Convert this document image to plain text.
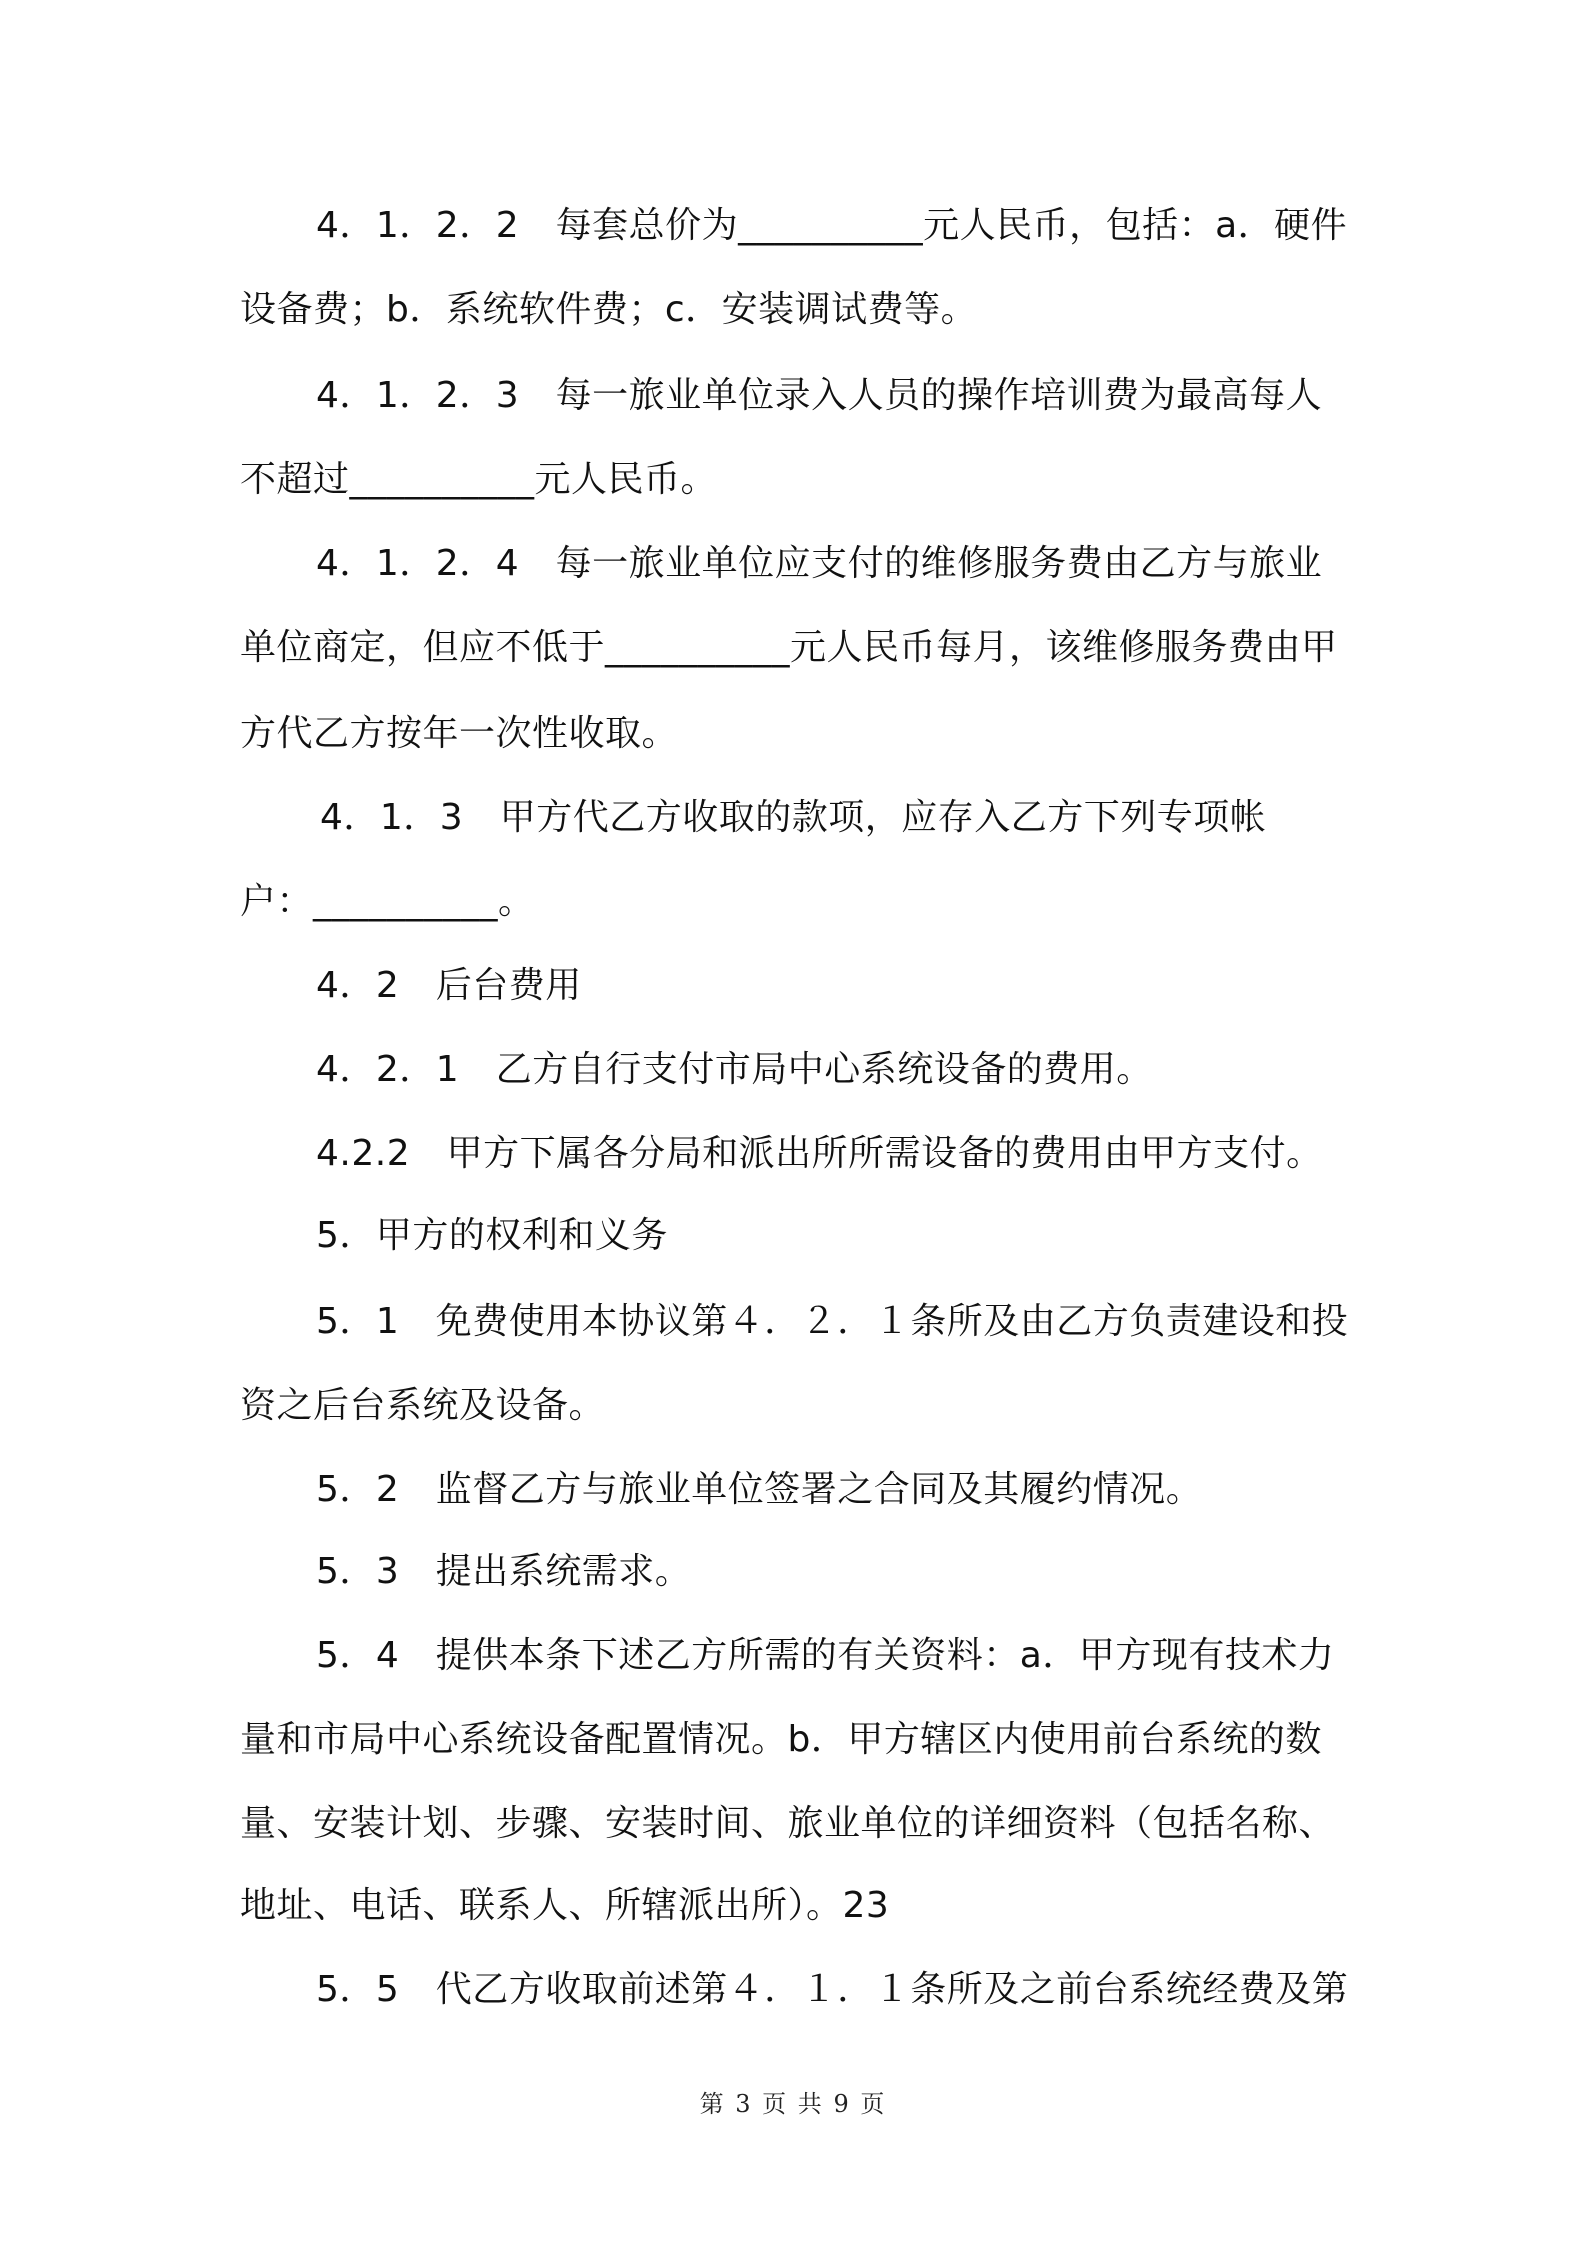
4．1．2．2　每套总价为__________元人民币，包括：a．硬件
设备费；b．系统软件费；c．安装调试费等。
4．1．2．3　每一旅业单位录入人员的操作培训费为最高每人
不超过__________元人民币。
4．1．2．4　每一旅业单位应支付的维修服务费由乙方与旅业
单位商定，但应不低于__________元人民币每月，该维修服务费由甲
方代乙方按年一次性收取。
4．1．3　甲方代乙方收取的款项，应存入乙方下列专项帐
户：__________。
4．2　后台费用
4．2．1　乙方自行支付市局中心系统设备的费用。
4.2.2　甲方下属各分局和派出所所需设备的费用由甲方支付。
5．甲方的权利和义务
5．1　免费使用本协议第４．２．１条所及由乙方负责建设和投
资之后台系统及设备。
5．2　监督乙方与旅业单位签署之合同及其履约情况。
5．3　提出系统需求。
5．4　提供本条下述乙方所需的有关资料：a．甲方现有技术力
量和市局中心系统设备配置情况。b．甲方辖区内使用前台系统的数
量、安装计划、步骤、安装时间、旅业单位的详细资料（包括名称、
地址、电话、联系人、所辖派出所）。23
5．5　代乙方收取前述第４．１．１条所及之前台系统经费及第
第 3 页 共 9 页
